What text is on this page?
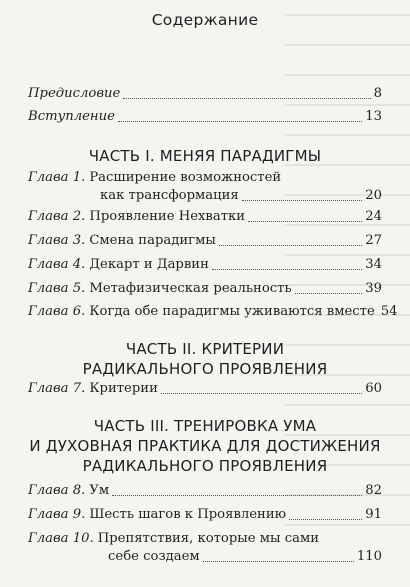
Содержание
Предисловие	8
Вступление	13
ЧАСТЬ I. МЕНЯЯ ПАРАДИГМЫ
Глава 1. Расширение возможностей
как трансформация	20
Глава 2. Проявление Нехватки	24
Глава 3. Смена парадигмы	27
Глава 4. Декарт и Дарвин	34
Глава 5. Метафизическая реальность	39
Глава 6. Когда обе парадигмы уживаются вместе 54
ЧАСТЬ II. КРИТЕРИИ
РАДИКАЛЬНОГО ПРОЯВЛЕНИЯ
Глава 7. Критерии	60
ЧАСТЬ III. ТРЕНИРОВКА УМА
И ДУХОВНАЯ ПРАКТИКА ДЛЯ ДОСТИЖЕНИЯ
РАДИКАЛЬНОГО ПРОЯВЛЕНИЯ
Глава 8. Ум	82
Глава 9. Шесть шагов к Проявлению	91
Глава 10. Препятствия, которые мы сами
себе создаем	110
